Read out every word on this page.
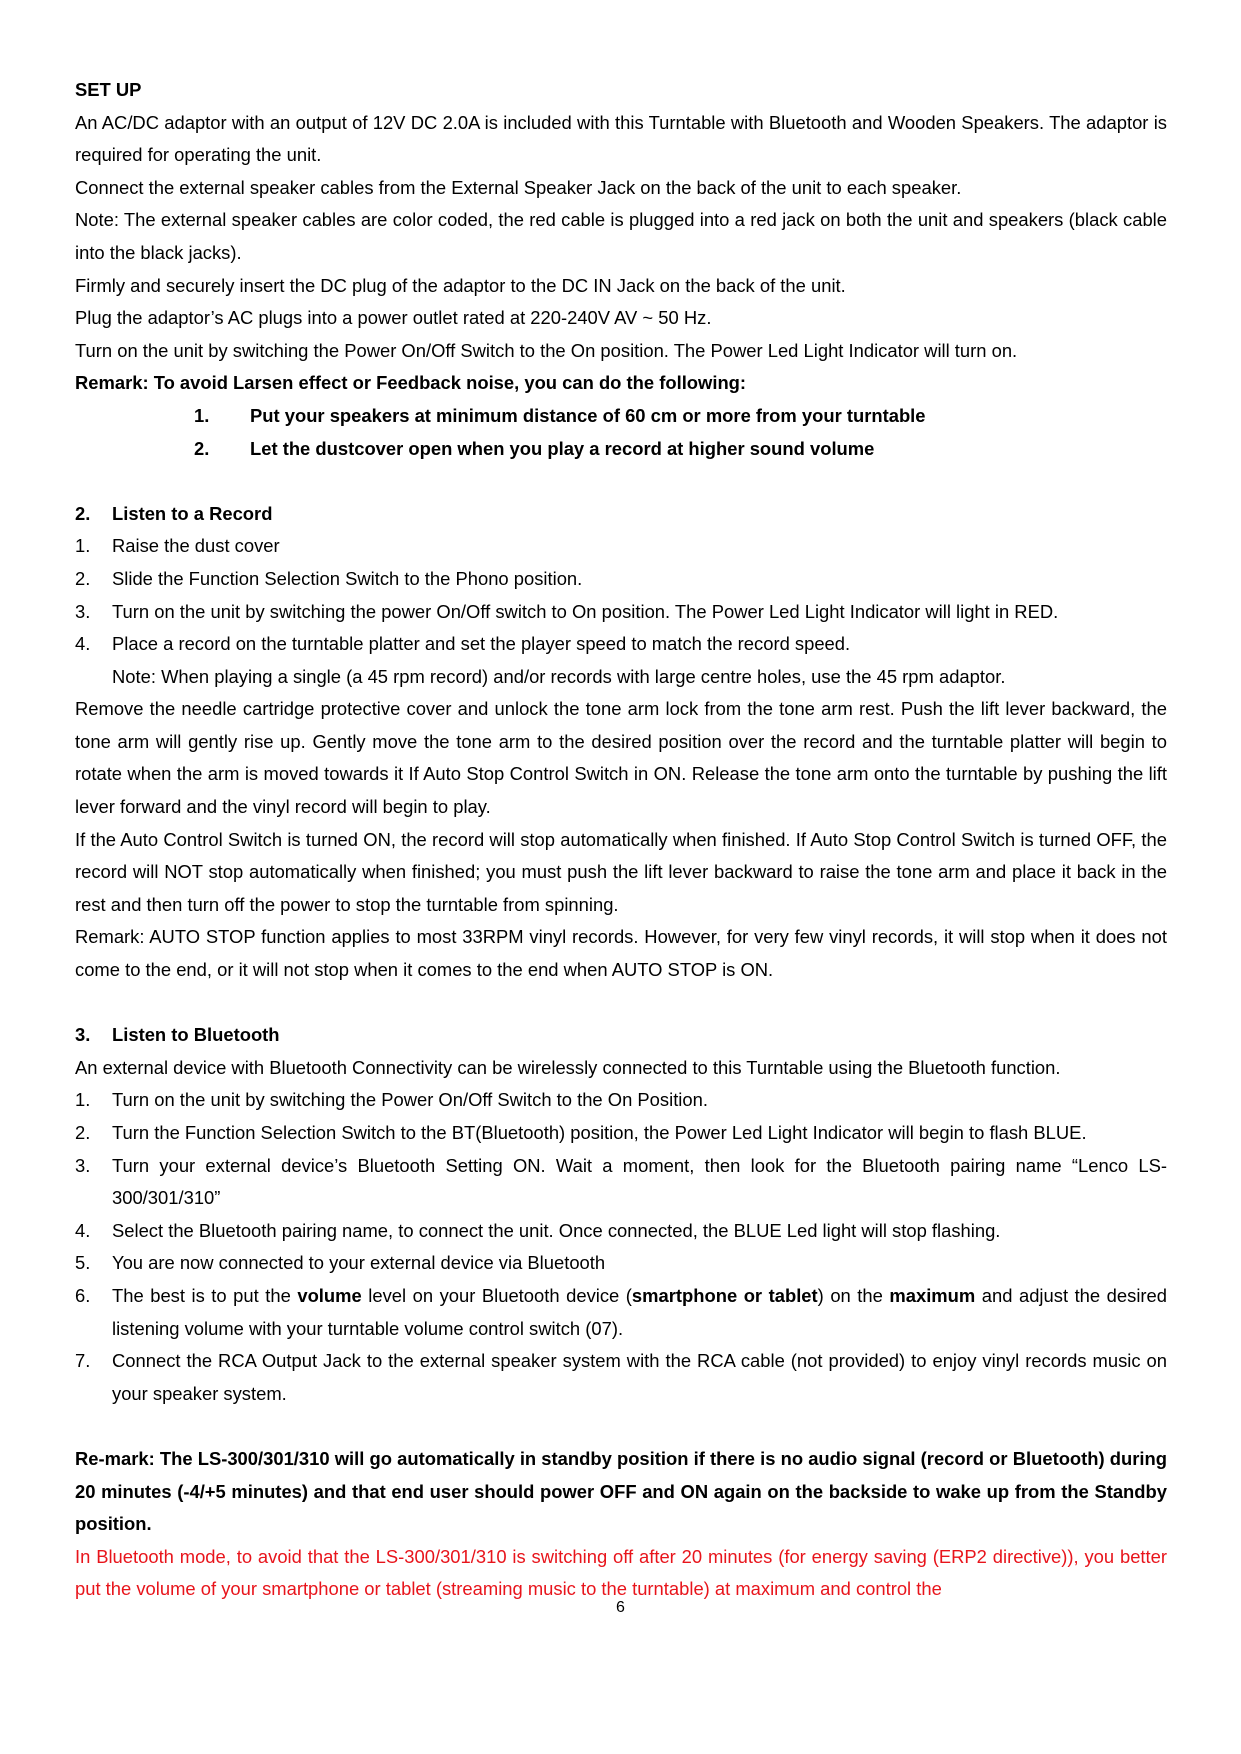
SET UP

An AC/DC adaptor with an output of 12V DC 2.0A is included with this Turntable with Bluetooth and Wooden Speakers. The adaptor is required for operating the unit.

Connect the external speaker cables from the External Speaker Jack on the back of the unit to each speaker.

Note: The external speaker cables are color coded, the red cable is plugged into a red jack on both the unit and speakers (black cable into the black jacks).

Firmly and securely insert the DC plug of the adaptor to the DC IN Jack on the back of the unit.

Plug the adaptor’s AC plugs into a power outlet rated at 220-240V AV ~ 50 Hz.

Turn on the unit by switching the Power On/Off Switch to the On position. The Power Led Light Indicator will turn on.

Remark: To avoid Larsen effect or Feedback noise, you can do the following:

1. Put your speakers at minimum distance of 60 cm or more from your turntable
2. Let the dustcover open when you play a record at higher sound volume
2. Listen to a Record
1. Raise the dust cover
2. Slide the Function Selection Switch to the Phono position.
3. Turn on the unit by switching the power On/Off switch to On position. The Power Led Light Indicator will light in RED.
4. Place a record on the turntable platter and set the player speed to match the record speed.

Note: When playing a single (a 45 rpm record) and/or records with large centre holes, use the 45 rpm adaptor.

Remove the needle cartridge protective cover and unlock the tone arm lock from the tone arm rest. Push the lift lever backward, the tone arm will gently rise up. Gently move the tone arm to the desired position over the record and the turntable platter will begin to rotate when the arm is moved towards it If Auto Stop Control Switch in ON. Release the tone arm onto the turntable by pushing the lift lever forward and the vinyl record will begin to play.

If the Auto Control Switch is turned ON, the record will stop automatically when finished. If Auto Stop Control Switch is turned OFF, the record will NOT stop automatically when finished; you must push the lift lever backward to raise the tone arm and place it back in the rest and then turn off the power to stop the turntable from spinning.

Remark: AUTO STOP function applies to most 33RPM vinyl records. However, for very few vinyl records, it will stop when it does not come to the end, or it will not stop when it comes to the end when AUTO STOP is ON.

3. Listen to Bluetooth

An external device with Bluetooth Connectivity can be wirelessly connected to this Turntable using the Bluetooth function.

1. Turn on the unit by switching the Power On/Off Switch to the On Position.
2. Turn the Function Selection Switch to the BT(Bluetooth) position, the Power Led Light Indicator will begin to flash BLUE.
3. Turn your external device’s Bluetooth Setting ON. Wait a moment, then look for the Bluetooth pairing name “Lenco LS-300/301/310”
4. Select the Bluetooth pairing name, to connect the unit. Once connected, the BLUE Led light will stop flashing.
5. You are now connected to your external device via Bluetooth
6. The best is to put the volume level on your Bluetooth device (smartphone or tablet) on the maximum and adjust the desired listening volume with your turntable volume control switch (07).
7. Connect the RCA Output Jack to the external speaker system with the RCA cable (not provided) to enjoy vinyl records music on your speaker system.

Re-mark: The LS-300/301/310 will go automatically in standby position if there is no audio signal (record or Bluetooth) during 20 minutes (-4/+5 minutes) and that end user should power OFF and ON again on the backside to wake up from the Standby position.

In Bluetooth mode, to avoid that the LS-300/301/310 is switching off after 20 minutes (for energy saving (ERP2 directive)), you better put the volume of your smartphone or tablet (streaming music to the turntable) at maximum and control the

6
